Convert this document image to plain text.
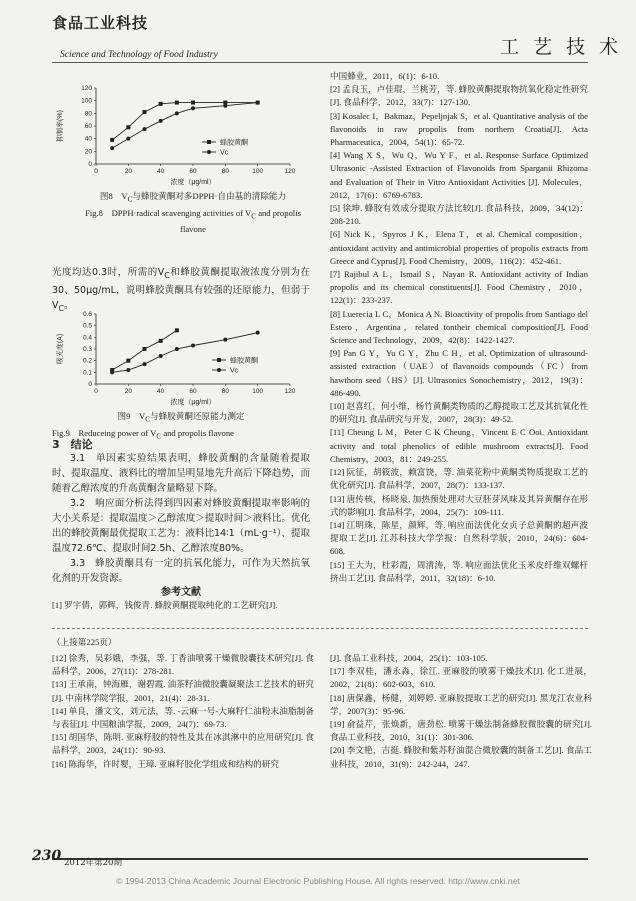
食品工业科技
Science and Technology of Food Industry	工 艺 技 术
0	20	40	60	80	100	120
0
20
40
60
80
100
120
浓度（μg/ml）
抑制率(%)
蜂胶黄酮
Vc
图8　$V_C$与蜂胶黄酮对多DPPH·自由基的清除能力
Fig.8　DPPH·radical scavenging activities of $V_C$ and propolis flavone

光度均达0.3时，所需的$V_C$和蜂胶黄酮提取液浓度分别为在30、50μg/mL，说明蜂胶黄酮具有较强的还原能力，但弱于$V_C$。

0	20	40	60	80	100	120
0
0.1
0.2
0.3
0.4
0.5
0.6
浓度（μg/ml）
吸光度(A)	蜂胶黄酮
Vc
图9　$V_C$与蜂胶黄酮还原能力测定
Fig.9　Reduceing power of $V_C$ and propolis flavone

3　结论

3.1　单因素实验结果表明，蜂胶黄酮的含量随着提取时、提取温度、液料比的增加呈明显地先升高后下降趋势，而随着乙醇浓度的升高黄酮含量略显下降。

3.2　响应面分析法得到四因素对蜂胶黄酮提取率影响的大小关系是：提取温度＞乙醇浓度＞提取时间＞液料比。优化出的蜂胶黄酮最优提取工艺为：液料比14∶1（mL·g⁻¹）、提取温度72.6℃、提取时间2.5h、乙醇浓度80%。

3.3　蜂胶黄酮具有一定的抗氧化能力，可作为天然抗氧化剂的开发资源。

参考文献

[1] 罗宇倩，郭辉，钱俊青. 蜂胶黄酮提取纯化的工艺研究[J].

中国蜂业，2011，6(1)：6-10.

[2] 孟良玉，卢佳琨，兰桃芳，等. 蜂胶黄酮提取物抗氧化稳定性研究[J]. 食品科学，2012，33(7)：127-130.

[3] Kosalec I，Bakmaz，Pepeljnjak S，et al. Quantitative analysis of the flavonoids in raw propolis from northern Croatia[J]. Acta Pharmaceutica，2004，54(1)：65-72.

[4] Wang X S，Wu Q，Wu Y F，et al. Response Surface Optimized Ultrasonic -Assisted Extraction of Flavonoids from Sparganii Rhizoma and Evaluation of Their in Vitro Antioxidant Activities [J]. Molecules，2012，17(6)：6769-6783.

[5] 徐坤. 蜂胶有效成分提取方法比较[J]. 食品科技，2009，34(12)：208-210.

[6] Nick K，Spyros J K，Elena T，et al. Chemical composition，antioxidant activity and antimicrobial properties of propolis extracts from Greece and Cyprus[J]. Food Chemistry，2009，116(2)：452-461.

[7] Rajibul A L，Ismail S，Nayan R. Antioxidant activity of Indian propolis and its chemical constituents[J]. Food Chemistry，2010，122(1)：233-237.

[8] Luerecia L C，Monica A N. Bioactivity of propolis from Santiago del Estero，Argentina，related tontheir chemical composition[J]. Food Science and Technology，2009，42(8)：1422-1427.

[9] Pan G Y，Yu G Y，Zhu C H，et al. Optimization of ultrasound-assisted extraction（UAE）of flavonoids compounds（FC）from hawthorn seed（HS）[J]. Ultrasonics Sonochemistry，2012，19(3)：486-490.

[10] 赵喜红，何小维，杨竹黄酮类物质的乙醇提取工艺及其抗氧化性的研究[J]. 食品研究与开发，2007，28(3)：49-52.

[11] Cheung L M，Peter C K Cheung，Vincent E C Ooi. Antioxidant activity and total phenolics of edible mushroom extracts[J]. Food Chemistry，2003，81：249-255.

[12] 阮征，胡筱波，赖富饶，等. 油菜花粉中黄酮类物质提取工艺的优化研究[J]. 食品科学，2007，28(7)：133-137.

[13] 唐传核，杨晓泉. 加热预处理对大豆胚芽风味及其异黄酮存在形式的影响[J]. 食品科学，2004，25(7)：109-111.

[14] 江明珠，陈星，颜辉，等. 响应面法优化女贞子总黄酮的超声波提取工艺[J]. 江苏科技大学学报：自然科学版，2010，24(6)：604-608.

[15] 王大为，杜彩霞，周清涛，等. 响应面法优化玉米皮纤维双螺杆挤出工艺[J]. 食品科学，2011，32(18)：6-10.

（上接第225页）

[12] 徐秀，吴彩娥，李强，等. 丁香油喷雾干燥微胶囊技术研究[J]. 食品科学，2006，27(11)：278-281.

[13] 王承南，钟海雁，谢碧霞. 油茶籽油微胶囊凝聚法工艺技术的研究[J]. 中南林学院学报，2001，21(4)：28-31.

[14] 单良，潘文文，刘元法，等. -云麻一号-大麻籽仁油粉末油脂制备与表征[J]. 中国粮油学报，2009，24(7)：69-73.

[15] 胡国华，陈明. 亚麻籽胶的特性及其在冰淇淋中的应用研究[J]. 食品科学，2003，24(11)：90-93.

[16] 陈海华，许时婴，王璋. 亚麻籽胶化学组成和结构的研究

[J]. 食品工业科技，2004，25(1)：103-105.

[17] 李双桂，潘永淼，徐江. 亚麻胶的喷雾干燥技术[J]. 化工进展，2002，21(8)：602-603，610.

[18] 唐保鑫，杨健，刘婷婷. 亚麻胶提取工艺的研究[J]. 黑龙江农业科学，2007(3)：95-96.

[19] 俞益芹，张焕新，唐劲松. 喷雾干燥法制备蜂胶微胶囊的研究[J]. 食品工业科技，2010，31(1)：301-306.

[20] 李文艳，吉挺. 蜂胶和紫苏籽油混合微胶囊的制备工艺[J]. 食品工业科技，2010，31(9)：242-244，247.

230 2012年第20期
© 1994-2013 China Academic Journal Electronic Publishing House. All rights reserved. http://www.cnki.net
